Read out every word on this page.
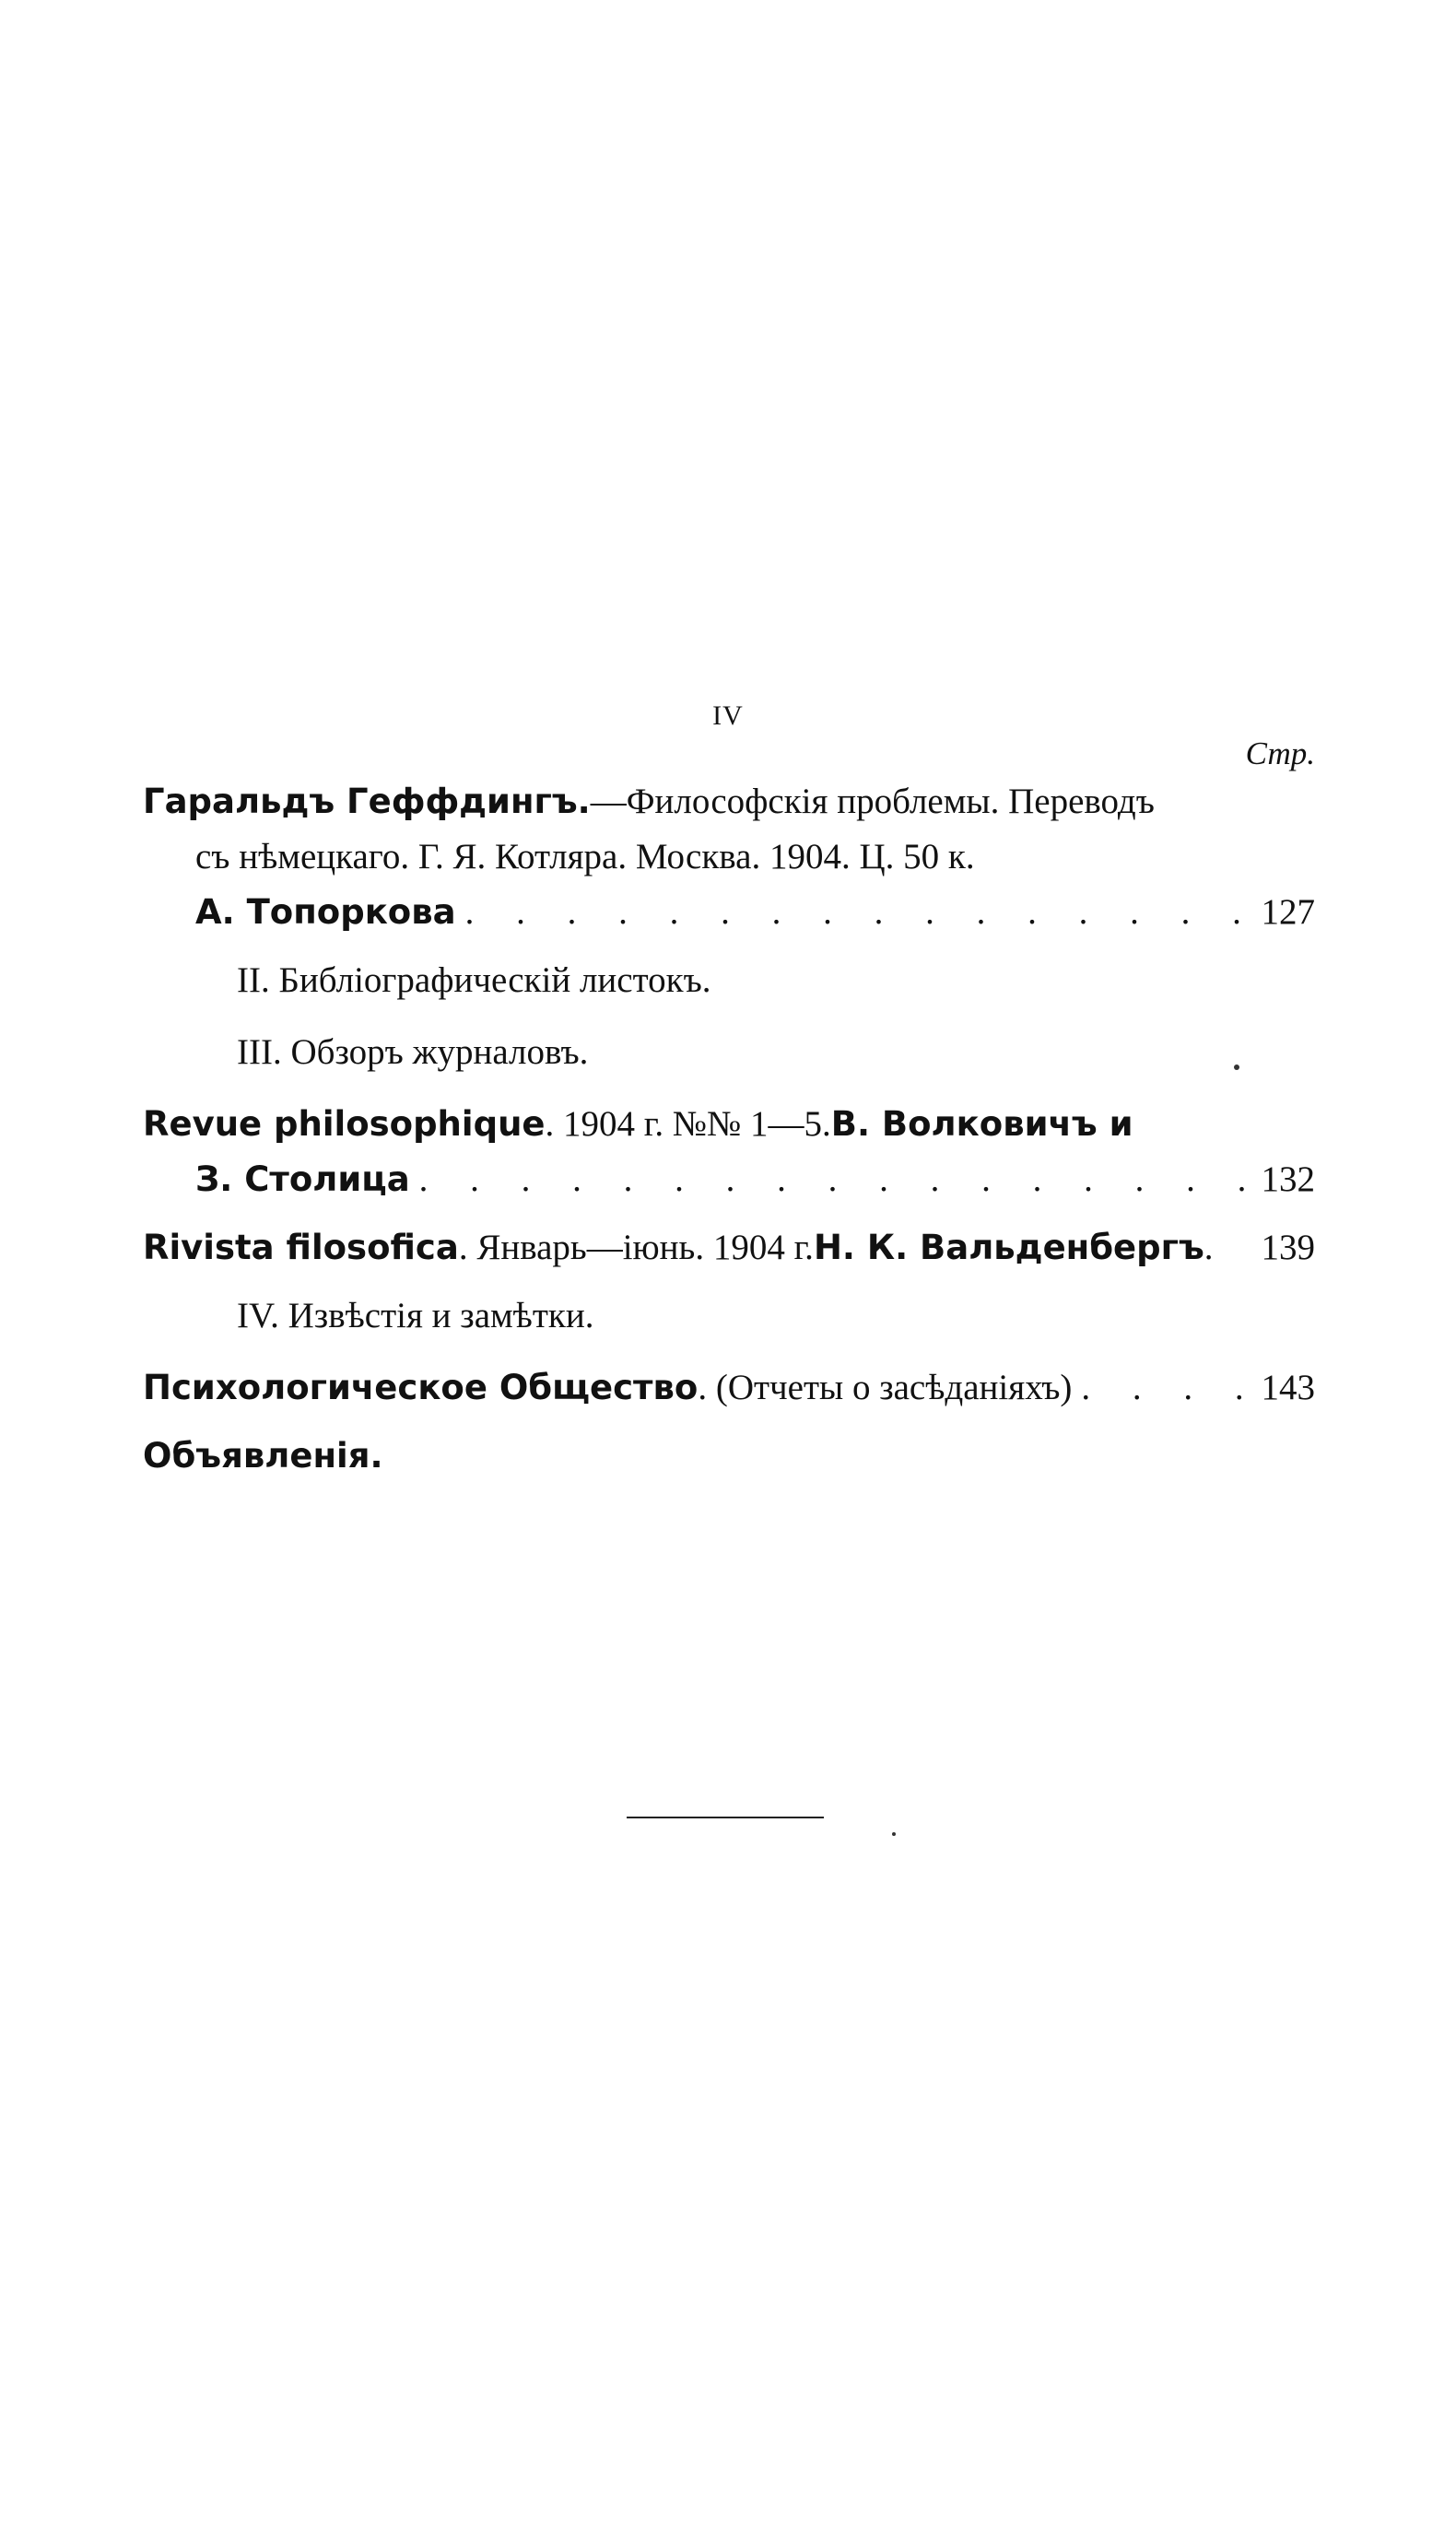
IV
Стр.
Гаральдъ Геффдингъ. —Философскія проблемы. Переводъ
съ нѣмецкаго. Г. Я. Котляра. Москва. 1904. Ц. 50 к.
А. Топоркова . . .	127
II. Библіографическій листокъ.
III. Обзоръ журналовъ.
Revue philosophique . 1904 г. №№ 1—5. В. Волковичъ и
З. Столица . . .	132
Rivista filosofica . Январь—iюнь. 1904 г. Н. К. Вальденбергъ . 139
IV. Извѣстія и замѣтки.
Психологическое Общество . (Отчеты о засѣданiяхъ) . . .	143
Объявленія.
